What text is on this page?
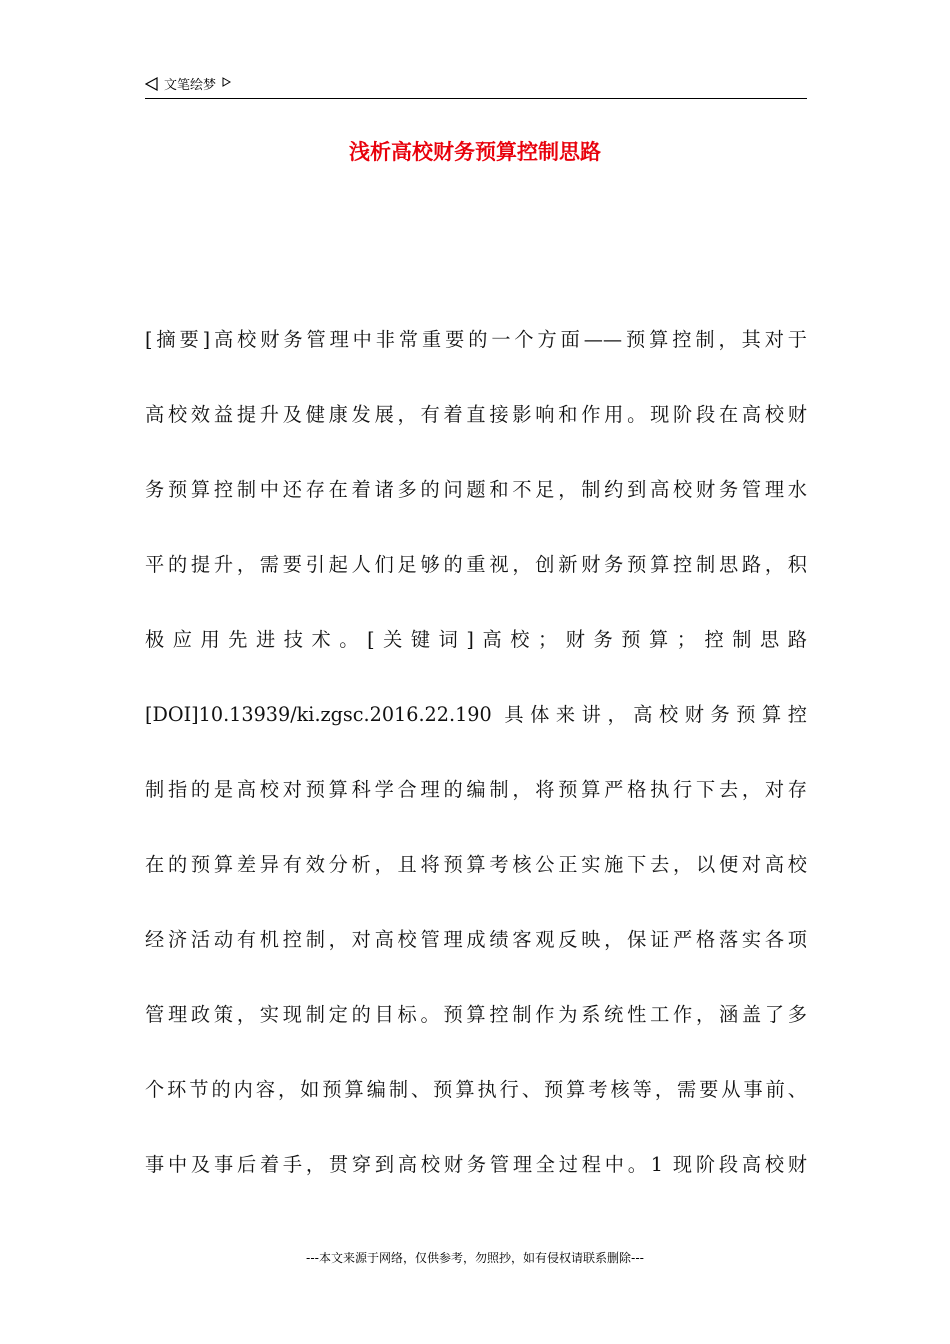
文笔绘梦
浅析高校财务预算控制思路
[摘要]高校财务管理中非常重要的一个方面——预算控制，其对于
高校效益提升及健康发展，有着直接影响和作用。现阶段在高校财
务预算控制中还存在着诸多的问题和不足，制约到高校财务管理水
平的提升，需要引起人们足够的重视，创新财务预算控制思路，积
极应用先进技术。[关键词]高校；财务预算；控制思路
[DOI]10.13939/ki.zgsc.2016.22.190 具体来讲，高校财务预算控
制指的是高校对预算科学合理的编制，将预算严格执行下去，对存
在的预算差异有效分析，且将预算考核公正实施下去，以便对高校
经济活动有机控制，对高校管理成绩客观反映，保证严格落实各项
管理政策，实现制定的目标。预算控制作为系统性工作，涵盖了多
个环节的内容，如预算编制、预算执行、预算考核等，需要从事前、
事中及事后着手，贯穿到高校财务管理全过程中。1 现阶段高校财
---本文来源于网络，仅供参考，勿照抄，如有侵权请联系删除---
